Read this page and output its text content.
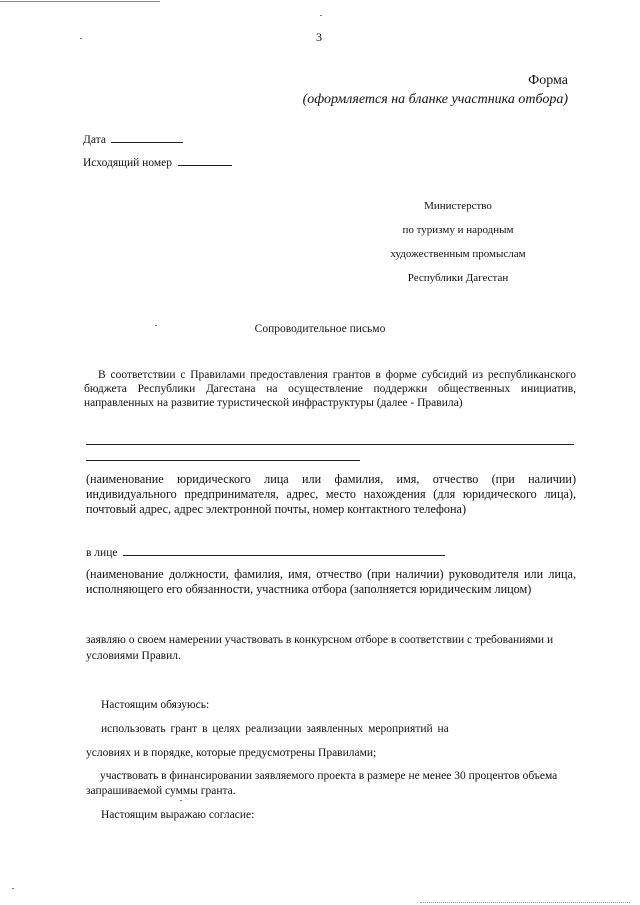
3
Форма
(оформляется на бланке участника отбора)
Дата
Исходящий номер
Министерство
по туризму и народным
художественным промыслам
Республики Дагестан
Сопроводительное письмо
В соответствии с Правилами предоставления грантов в форме субсидий из республиканского бюджета Республики Дагестана на осуществление поддержки общественных инициатив, направленных на развитие туристической инфраструктуры (далее - Правила)
(наименование юридического лица или фамилия, имя, отчество (при наличии) индивидуального предпринимателя, адрес, место нахождения (для юридического лица), почтовый адрес, адрес электронной почты, номер контактного телефона)
в лице
(наименование должности, фамилия, имя, отчество (при наличии) руководителя или лица, исполняющего его обязанности, участника отбора (заполняется юридическим лицом)
заявляю о своем намерении участвовать в конкурсном отборе в соответствии с требованиями и условиями Правил.
Настоящим обязуюсь:
использовать грант в целях реализации заявленных мероприятий на
условиях и в порядке, которые предусмотрены Правилами;
участвовать в финансировании заявляемого проекта в размере не менее 30 процентов объема запрашиваемой суммы гранта.
Настоящим выражаю согласие:
